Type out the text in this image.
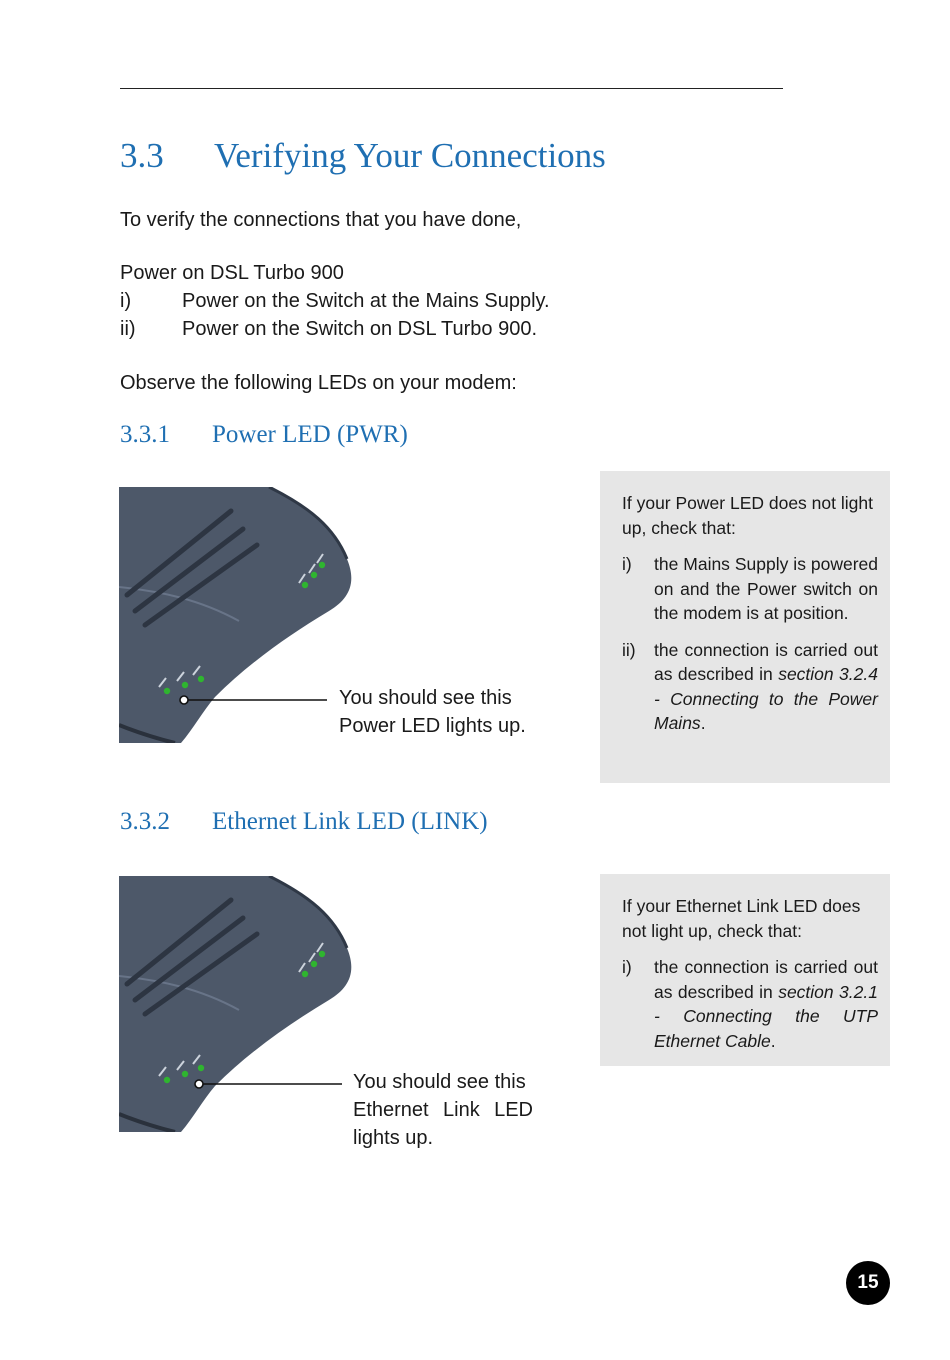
3.3 Verifying Your Connections
To verify the connections that you have done,
Power on DSL Turbo 900
i)	Power on the Switch at the Mains Supply.
ii) Power on the Switch on DSL Turbo 900.
Observe the following LEDs on your modem:
3.3.1 Power LED (PWR)
You should see this
Power LED lights up.

If your Power LED does not light up, check that:

i)	the Mains Supply is powered on and the Power switch on the modem is at position.
ii)	the connection is carried out as described in section 3.2.4 - Connecting to the Power Mains.
3.3.2 Ethernet Link LED (LINK)
You should see this
Ethernet Link LED
lights up.

If your Ethernet Link LED does not light up, check that:

i)	the connection is carried out as described in section 3.2.1 - Connecting the UTP Ethernet Cable.
15
